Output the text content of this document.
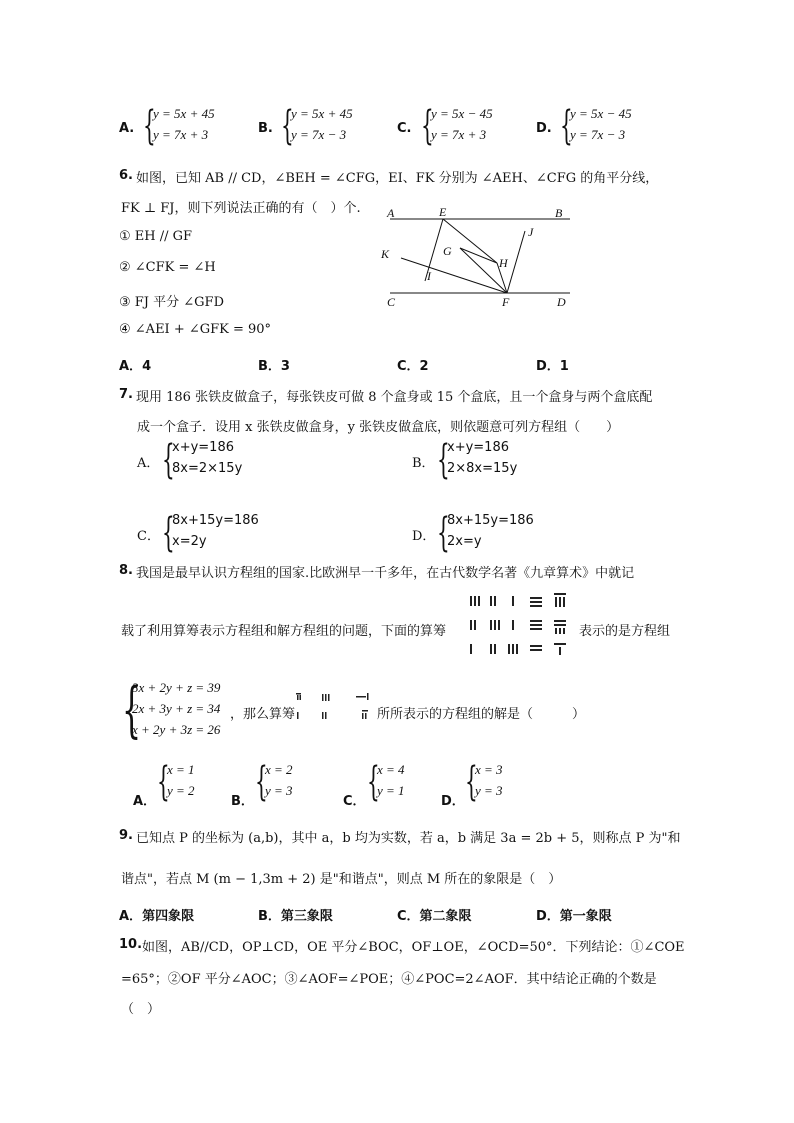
A. {
y = 5x + 45
y = 7x + 3	B. {
y = 5x + 45
y = 7x − 3	C. {
y = 5x − 45
y = 7x + 3	D. {
y = 5x − 45
y = 7x − 3
6. 如图，已知 AB // CD，∠BEH = ∠CFG，EI、FK 分别为 ∠AEH、∠CFG 的角平分线，
FK ⊥ FJ，则下列说法正确的有（　）个.
① EH // GF
② ∠CFK = ∠H
③ FJ 平分 ∠GFD
④ ∠AEI + ∠GFK = 90°
A	B
C	D
E
F
G
H
I
J
K
A．4	B．3	C．2	D．1
7. 现用 186 张铁皮做盒子，每张铁皮可做 8 个盒身或 15 个盒底，且一个盒身与两个盒底配
成一个盒子．设用 x 张铁皮做盒身，y 张铁皮做盒底，则依题意可列方程组（　　）
A． {
x+y=186
8x=2×15y	B． {
x+y=186
2×8x=15y
C． {
8x+15y=186
x=2y	D． {
8x+15y=186
2x=y
8. 我国是最早认识方程组的国家.比欧洲早一千多年，在古代数学名著《九章算术》中就记
载了利用算筹表示方程组和解方程组的问题，下面的算筹	表示的是方程组
{
3x + 2y + z = 39
2x + 3y + z = 34
x + 2y + 3z = 26
，那么算筹	所所表示的方程组的解是（　　　）
A． {
x = 1
y = 2
B． {
x = 2
y = 3
C． {
x = 4
y = 1
D． {
x = 3
y = 3
9. 已知点 P 的坐标为 (a,b)，其中 a，b 均为实数，若 a，b 满足 3a = 2b + 5，则称点 P 为"和
谐点"，若点 M (m − 1,3m + 2) 是"和谐点"，则点 M 所在的象限是（　）
A．第四象限	B．第三象限	C．第二象限	D．第一象限
10. 如图，AB//CD，OP⊥CD，OE 平分∠BOC，OF⊥OE，∠OCD=50°．下列结论：①∠COE
=65°；②OF 平分∠AOC；③∠AOF=∠POE；④∠POC=2∠AOF．其中结论正确的个数是
（　）
